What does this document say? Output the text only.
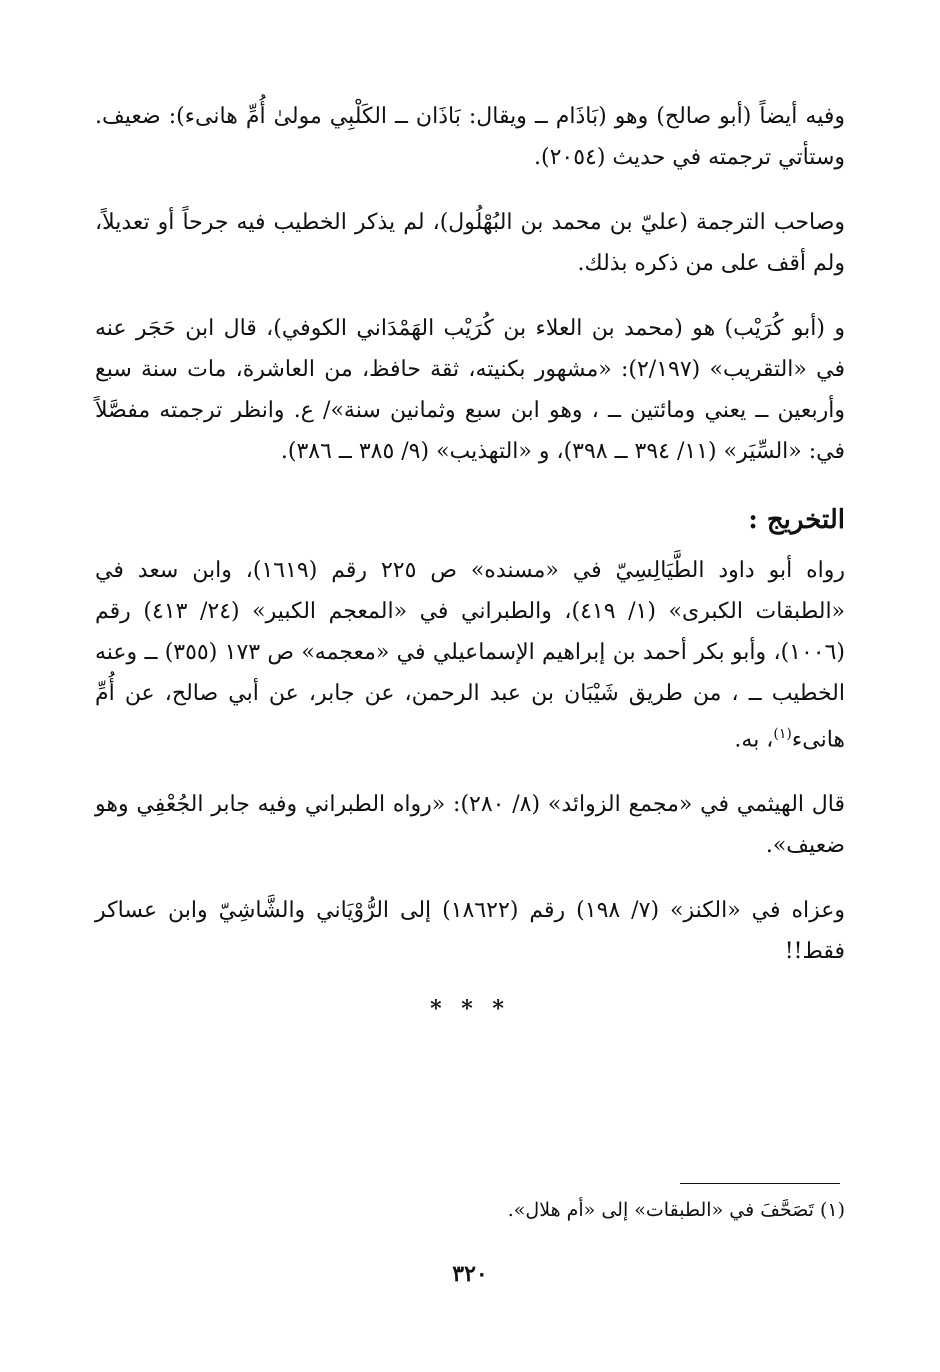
وفيه أيضاً (أبو صالح) وهو (بَاذَام ــ ويقال: بَاذَان ــ الكَلْبِي مولىٰ أُمِّ هانىء): ضعيف. وستأتي ترجمته في حديث (٢٠٥٤).

وصاحب الترجمة (عليّ بن محمد بن البُهْلُول)، لم يذكر الخطيب فيه جرحاً أو تعديلاً، ولم أقف على من ذكره بذلك.

و (أبو كُرَيْب) هو (محمد بن العلاء بن كُرَيْب الهَمْدَاني الكوفي)، قال ابن حَجَر عنه في «التقريب» (٢/١٩٧): «مشهور بكنيته، ثقة حافظ، من العاشرة، مات سنة سبع وأربعين ــ يعني ومائتين ــ ، وهو ابن سبع وثمانين سنة»/ ع. وانظر ترجمته مفصَّلاً في: «السِّيَر» (١١/ ٣٩٤ ــ ٣٩٨)، و «التهذيب» (٩/ ٣٨٥ ــ ٣٨٦).

التخريج :

رواه أبو داود الطَّيَالِسِيّ في «مسنده» ص ٢٢٥ رقم (١٦١٩)، وابن سعد في «الطبقات الكبرى» (١/ ٤١٩)، والطبراني في «المعجم الكبير» (٢٤/ ٤١٣) رقم (١٠٠٦)، وأبو بكر أحمد بن إبراهيم الإسماعيلي في «معجمه» ص ١٧٣ (٣٥٥) ــ وعنه الخطيب ــ ، من طريق شَيْبَان بن عبد الرحمن، عن جابر، عن أبي صالح، عن أُمِّ هانىء$^{(١)}$، به.

قال الهيثمي في «مجمع الزوائد» (٨/ ٢٨٠): «رواه الطبراني وفيه جابر الجُعْفِي وهو ضعيف».

وعزاه في «الكنز» (٧/ ١٩٨) رقم (١٨٦٢٢) إلى الرُّوْيَاني والشَّاشِيّ وابن عساكر فقط!!

* * *
(١) تَصَحَّفَ في «الطبقات» إلى «أم هلال».
٣٢٠
